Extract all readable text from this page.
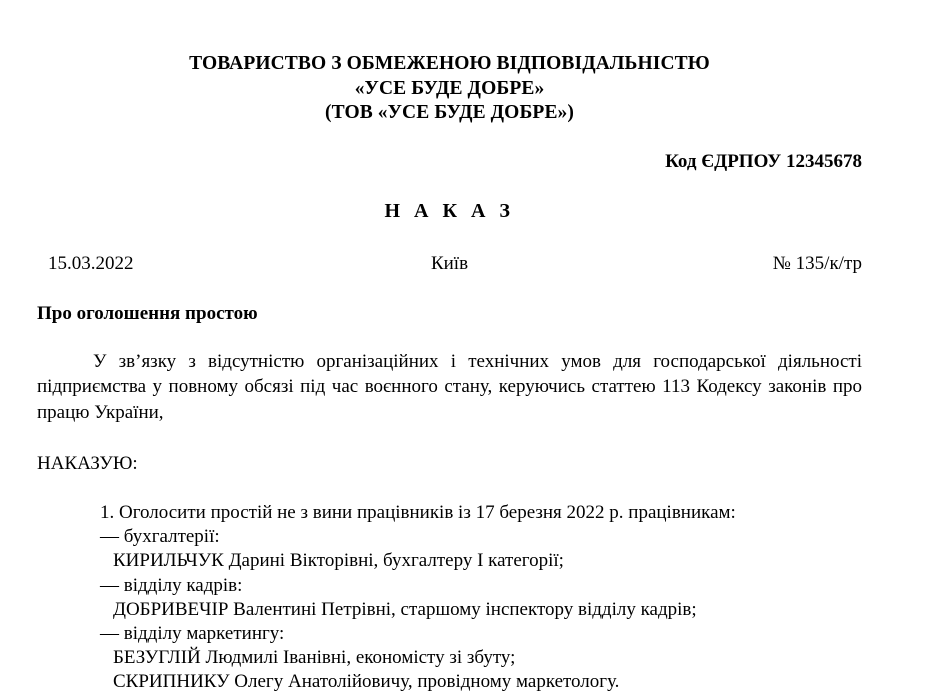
ТОВАРИСТВО З ОБМЕЖЕНОЮ ВІДПОВІДАЛЬНІСТЮ
«УСЕ БУДЕ ДОБРЕ»
(ТОВ «УСЕ БУДЕ ДОБРЕ»)
Код ЄДРПОУ 12345678
Н А К А З
15.03.2022	Київ	№ 135/к/тр
Про оголошення простою
У зв’язку з відсутністю організаційних і технічних умов для господарської діяльності підприємства у повному обсязі під час воєнного стану, керуючись статтею 113 Кодексу законів про працю України,
НАКАЗУЮ:
1. Оголосити простій не з вини працівників із 17 березня 2022 р. працівникам:
— бухгалтерії:
КИРИЛЬЧУК Дарині Вікторівні, бухгалтеру І категорії;
— відділу кадрів:
ДОБРИВЕЧІР Валентині Петрівні, старшому інспектору відділу кадрів;
— відділу маркетингу:
БЕЗУГЛІЙ Людмилі Іванівні, економісту зі збуту;
СКРИПНИКУ Олегу Анатолійовичу, провідному маркетологу.
